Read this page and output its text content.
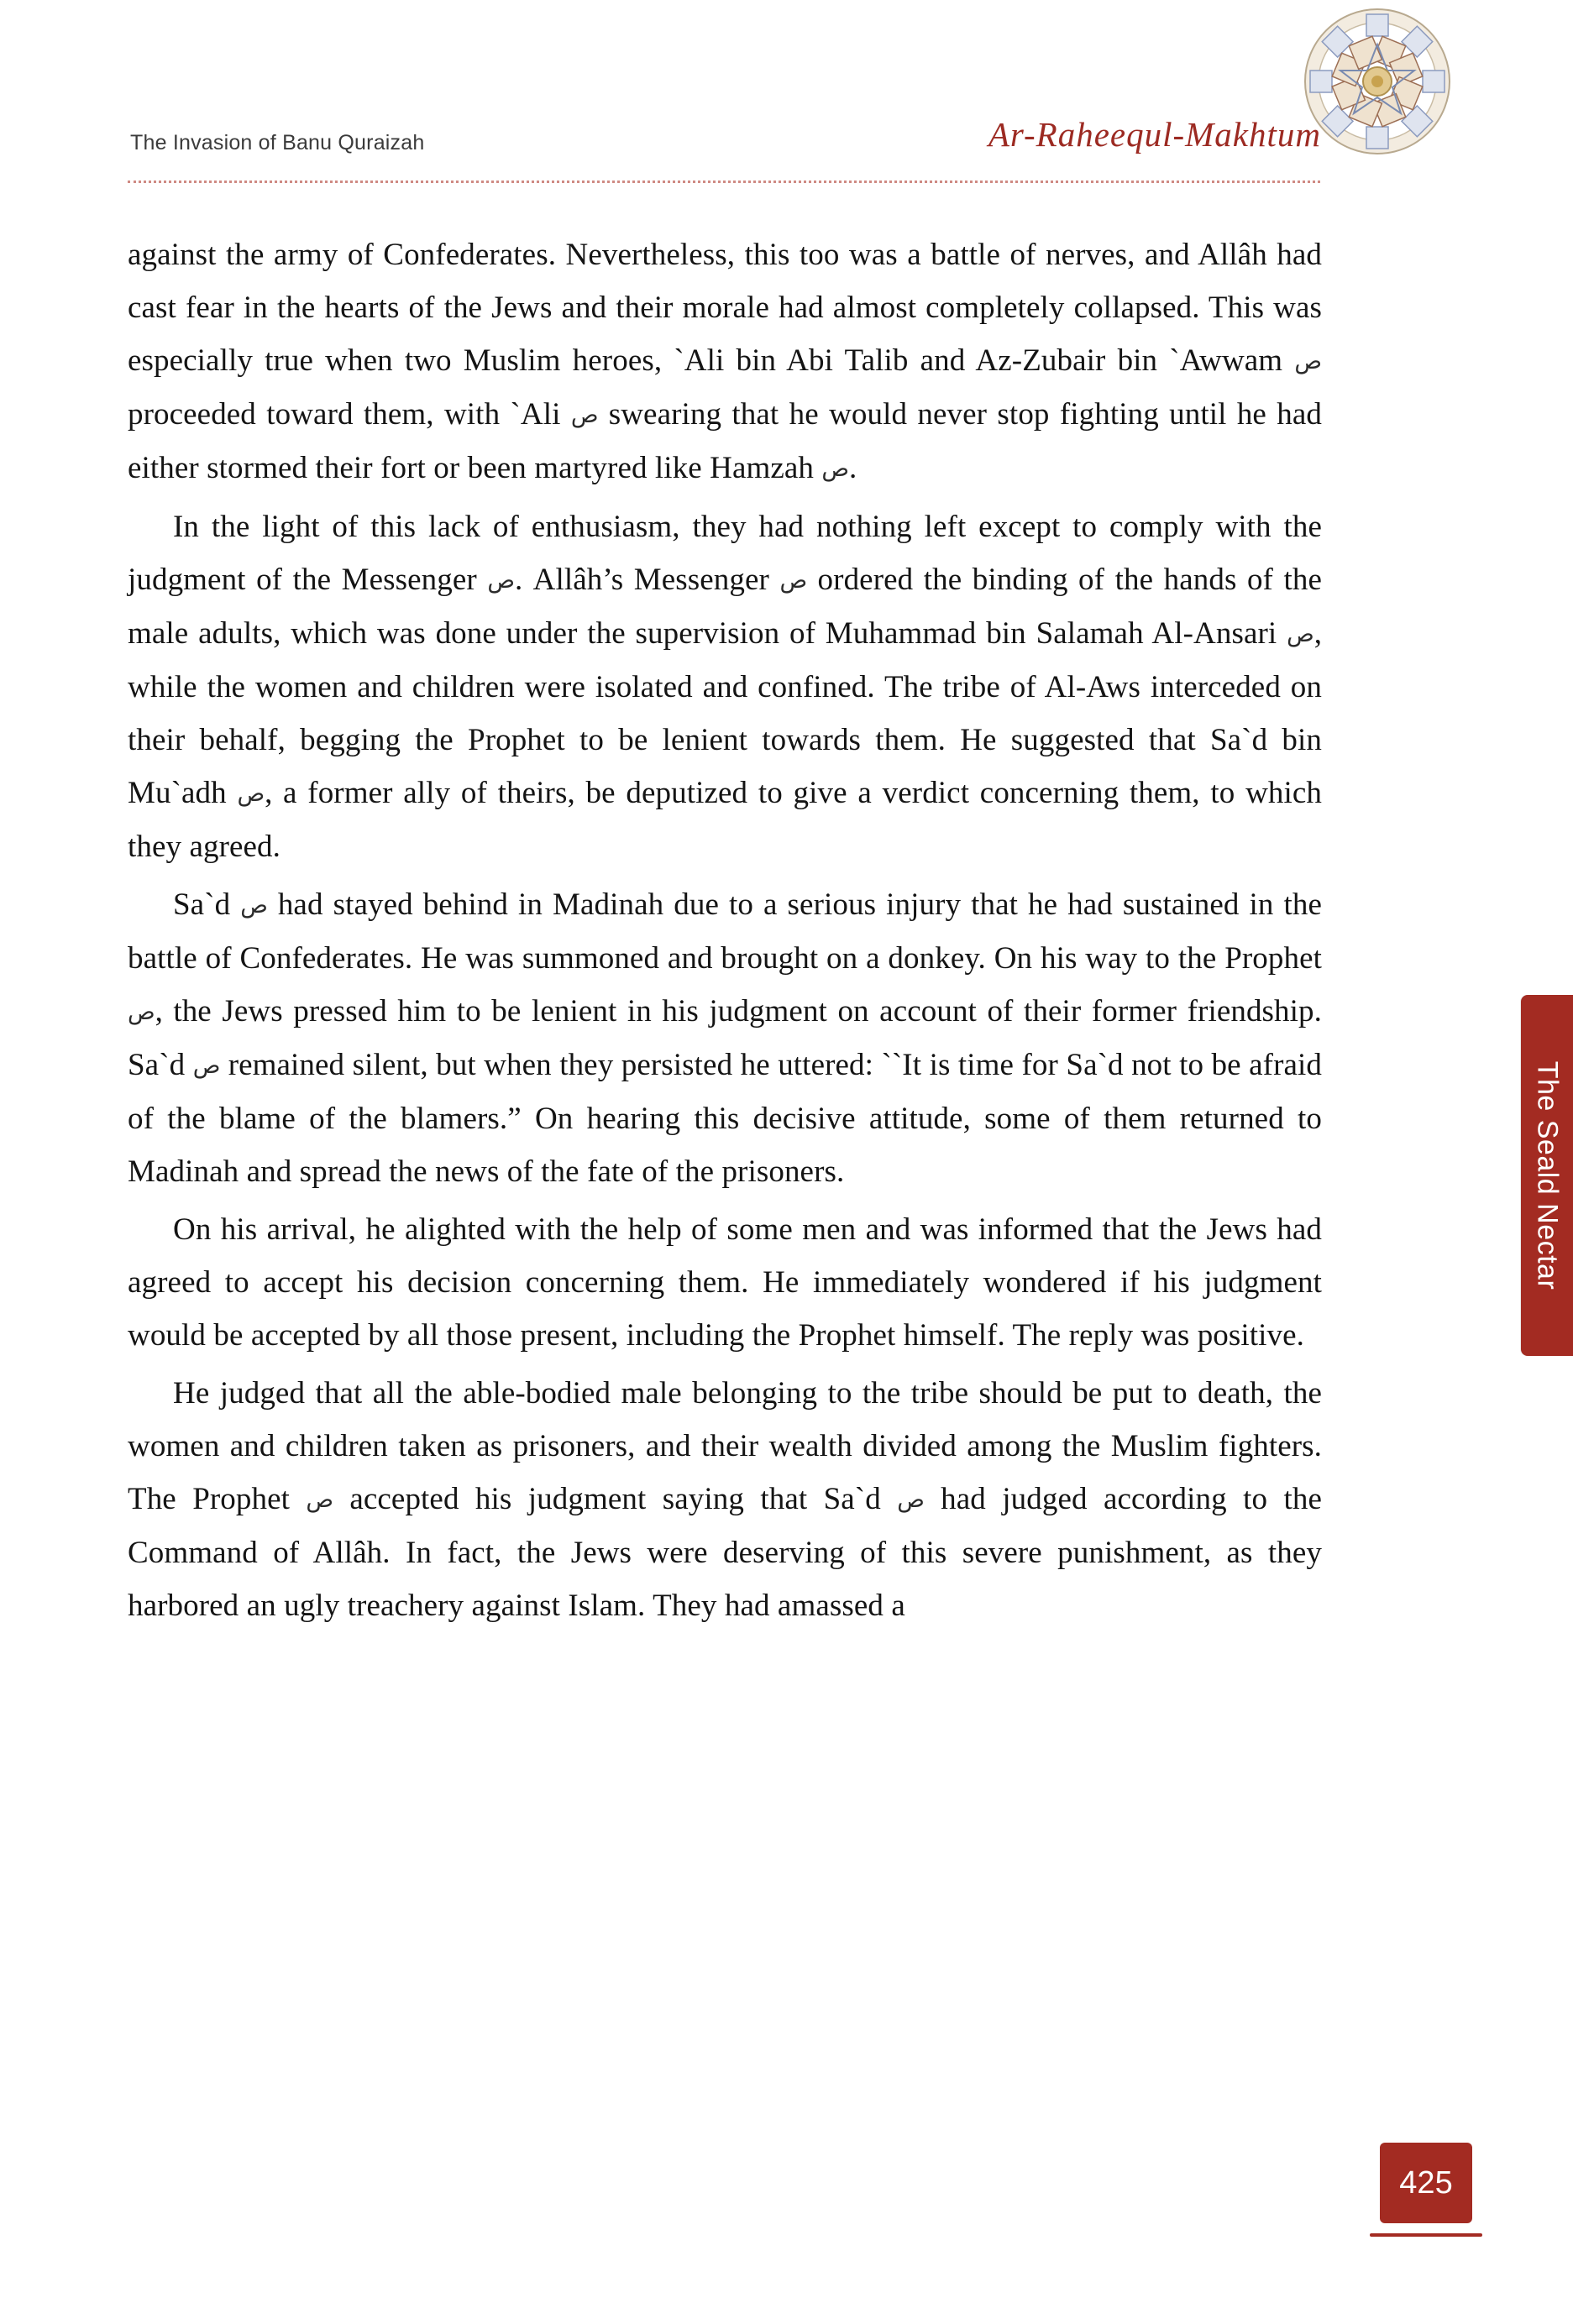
The Invasion of Banu Quraizah	Ar-Raheequl-Makhtum

against the army of Confederates. Nevertheless, this too was a battle of nerves, and Allâh had cast fear in the hearts of the Jews and their morale had almost completely collapsed. This was especially true when two Muslim heroes, `Ali bin Abi Talib and Az-Zubair bin `Awwam ص proceeded toward them, with `Ali ص swearing that he would never stop fighting until he had either stormed their fort or been martyred like Hamzah ص.

In the light of this lack of enthusiasm, they had nothing left except to comply with the judgment of the Messenger ص. Allâh’s Messenger ص ordered the binding of the hands of the male adults, which was done under the supervision of Muhammad bin Salamah Al-Ansari ص, while the women and children were isolated and confined. The tribe of Al-Aws interceded on their behalf, begging the Prophet to be lenient towards them. He suggested that Sa`d bin Mu`adh ص, a former ally of theirs, be deputized to give a verdict concerning them, to which they agreed.

Sa`d ص had stayed behind in Madinah due to a serious injury that he had sustained in the battle of Confederates. He was summoned and brought on a donkey. On his way to the Prophet ص, the Jews pressed him to be lenient in his judgment on account of their former friendship. Sa`d ص remained silent, but when they persisted he uttered: ``It is time for Sa`d not to be afraid of the blame of the blamers.” On hearing this decisive attitude, some of them returned to Madinah and spread the news of the fate of the prisoners.

On his arrival, he alighted with the help of some men and was informed that the Jews had agreed to accept his decision concerning them. He immediately wondered if his judgment would be accepted by all those present, including the Prophet himself. The reply was positive.

He judged that all the able-bodied male belonging to the tribe should be put to death, the women and children taken as prisoners, and their wealth divided among the Muslim fighters. The Prophet ص accepted his judgment saying that Sa`d ص had judged according to the Command of Allâh. In fact, the Jews were deserving of this severe punishment, as they harbored an ugly treachery against Islam. They had amassed a

The Seald Nectar
425
